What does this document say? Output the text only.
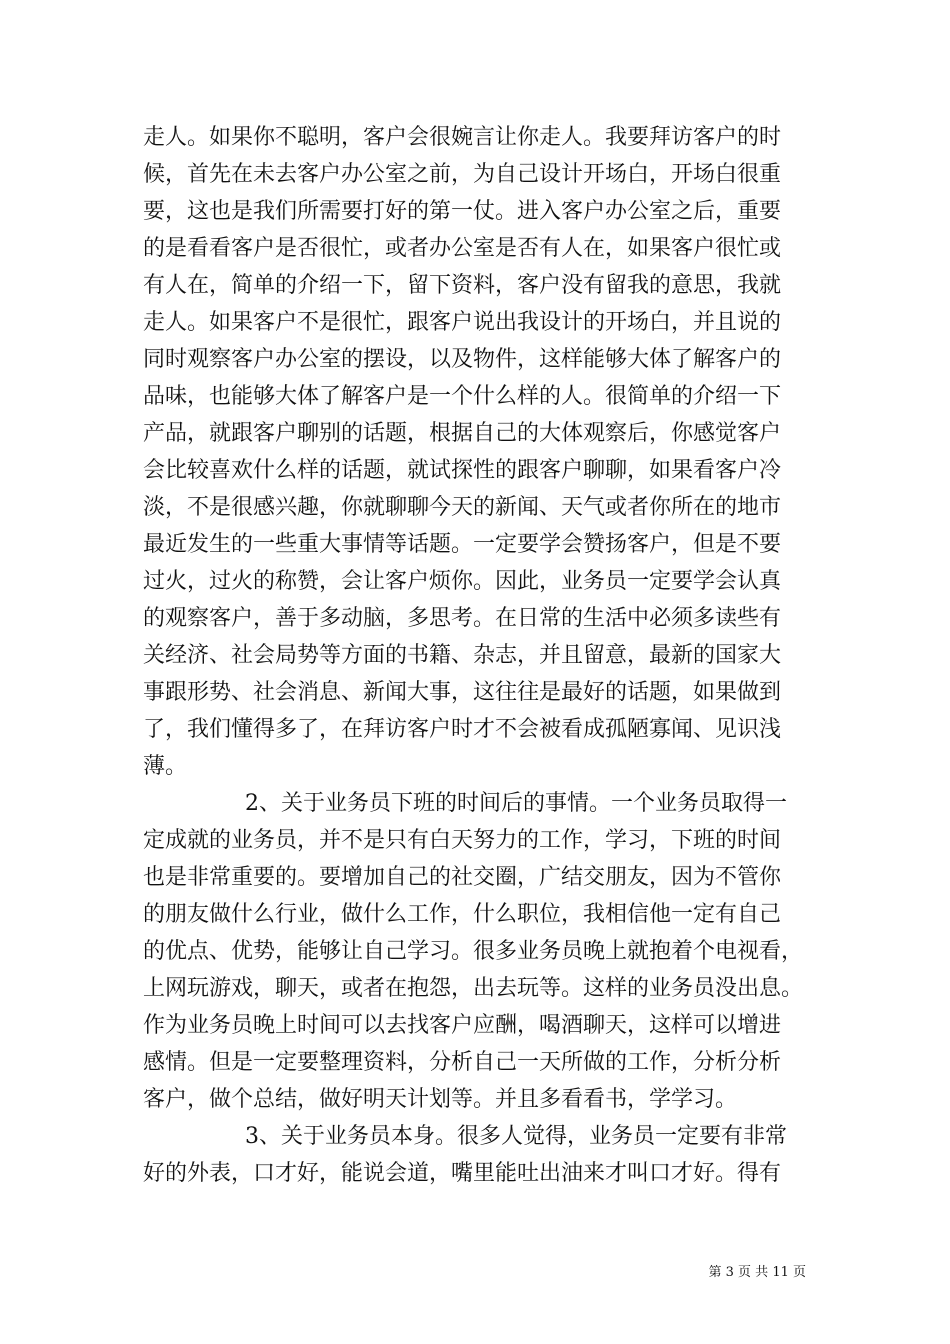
走人。如果你不聪明，客户会很婉言让你走人。我要拜访客户的时
候，首先在未去客户办公室之前，为自己设计开场白，开场白很重
要，这也是我们所需要打好的第一仗。进入客户办公室之后，重要
的是看看客户是否很忙，或者办公室是否有人在，如果客户很忙或
有人在，简单的介绍一下，留下资料，客户没有留我的意思，我就
走人。如果客户不是很忙，跟客户说出我设计的开场白，并且说的
同时观察客户办公室的摆设，以及物件，这样能够大体了解客户的
品味，也能够大体了解客户是一个什么样的人。很简单的介绍一下
产品，就跟客户聊别的话题，根据自己的大体观察后，你感觉客户
会比较喜欢什么样的话题，就试探性的跟客户聊聊，如果看客户冷
淡，不是很感兴趣，你就聊聊今天的新闻、天气或者你所在的地市
最近发生的一些重大事情等话题。一定要学会赞扬客户，但是不要
过火，过火的称赞，会让客户烦你。因此，业务员一定要学会认真
的观察客户，善于多动脑，多思考。在日常的生活中必须多读些有
关经济、社会局势等方面的书籍、杂志，并且留意，最新的国家大
事跟形势、社会消息、新闻大事，这往往是最好的话题，如果做到
了，我们懂得多了，在拜访客户时才不会被看成孤陋寡闻、见识浅
薄。
2、关于业务员下班的时间后的事情。一个业务员取得一
定成就的业务员，并不是只有白天努力的工作，学习，下班的时间
也是非常重要的。要增加自己的社交圈，广结交朋友，因为不管你
的朋友做什么行业，做什么工作，什么职位，我相信他一定有自己
的优点、优势，能够让自己学习。很多业务员晚上就抱着个电视看，
上网玩游戏，聊天，或者在抱怨，出去玩等。这样的业务员没出息。
作为业务员晚上时间可以去找客户应酬，喝酒聊天，这样可以增进
感情。但是一定要整理资料，分析自己一天所做的工作，分析分析
客户，做个总结，做好明天计划等。并且多看看书，学学习。
3、关于业务员本身。很多人觉得，业务员一定要有非常
好的外表，口才好，能说会道，嘴里能吐出油来才叫口才好。得有
第 3 页 共 11 页
